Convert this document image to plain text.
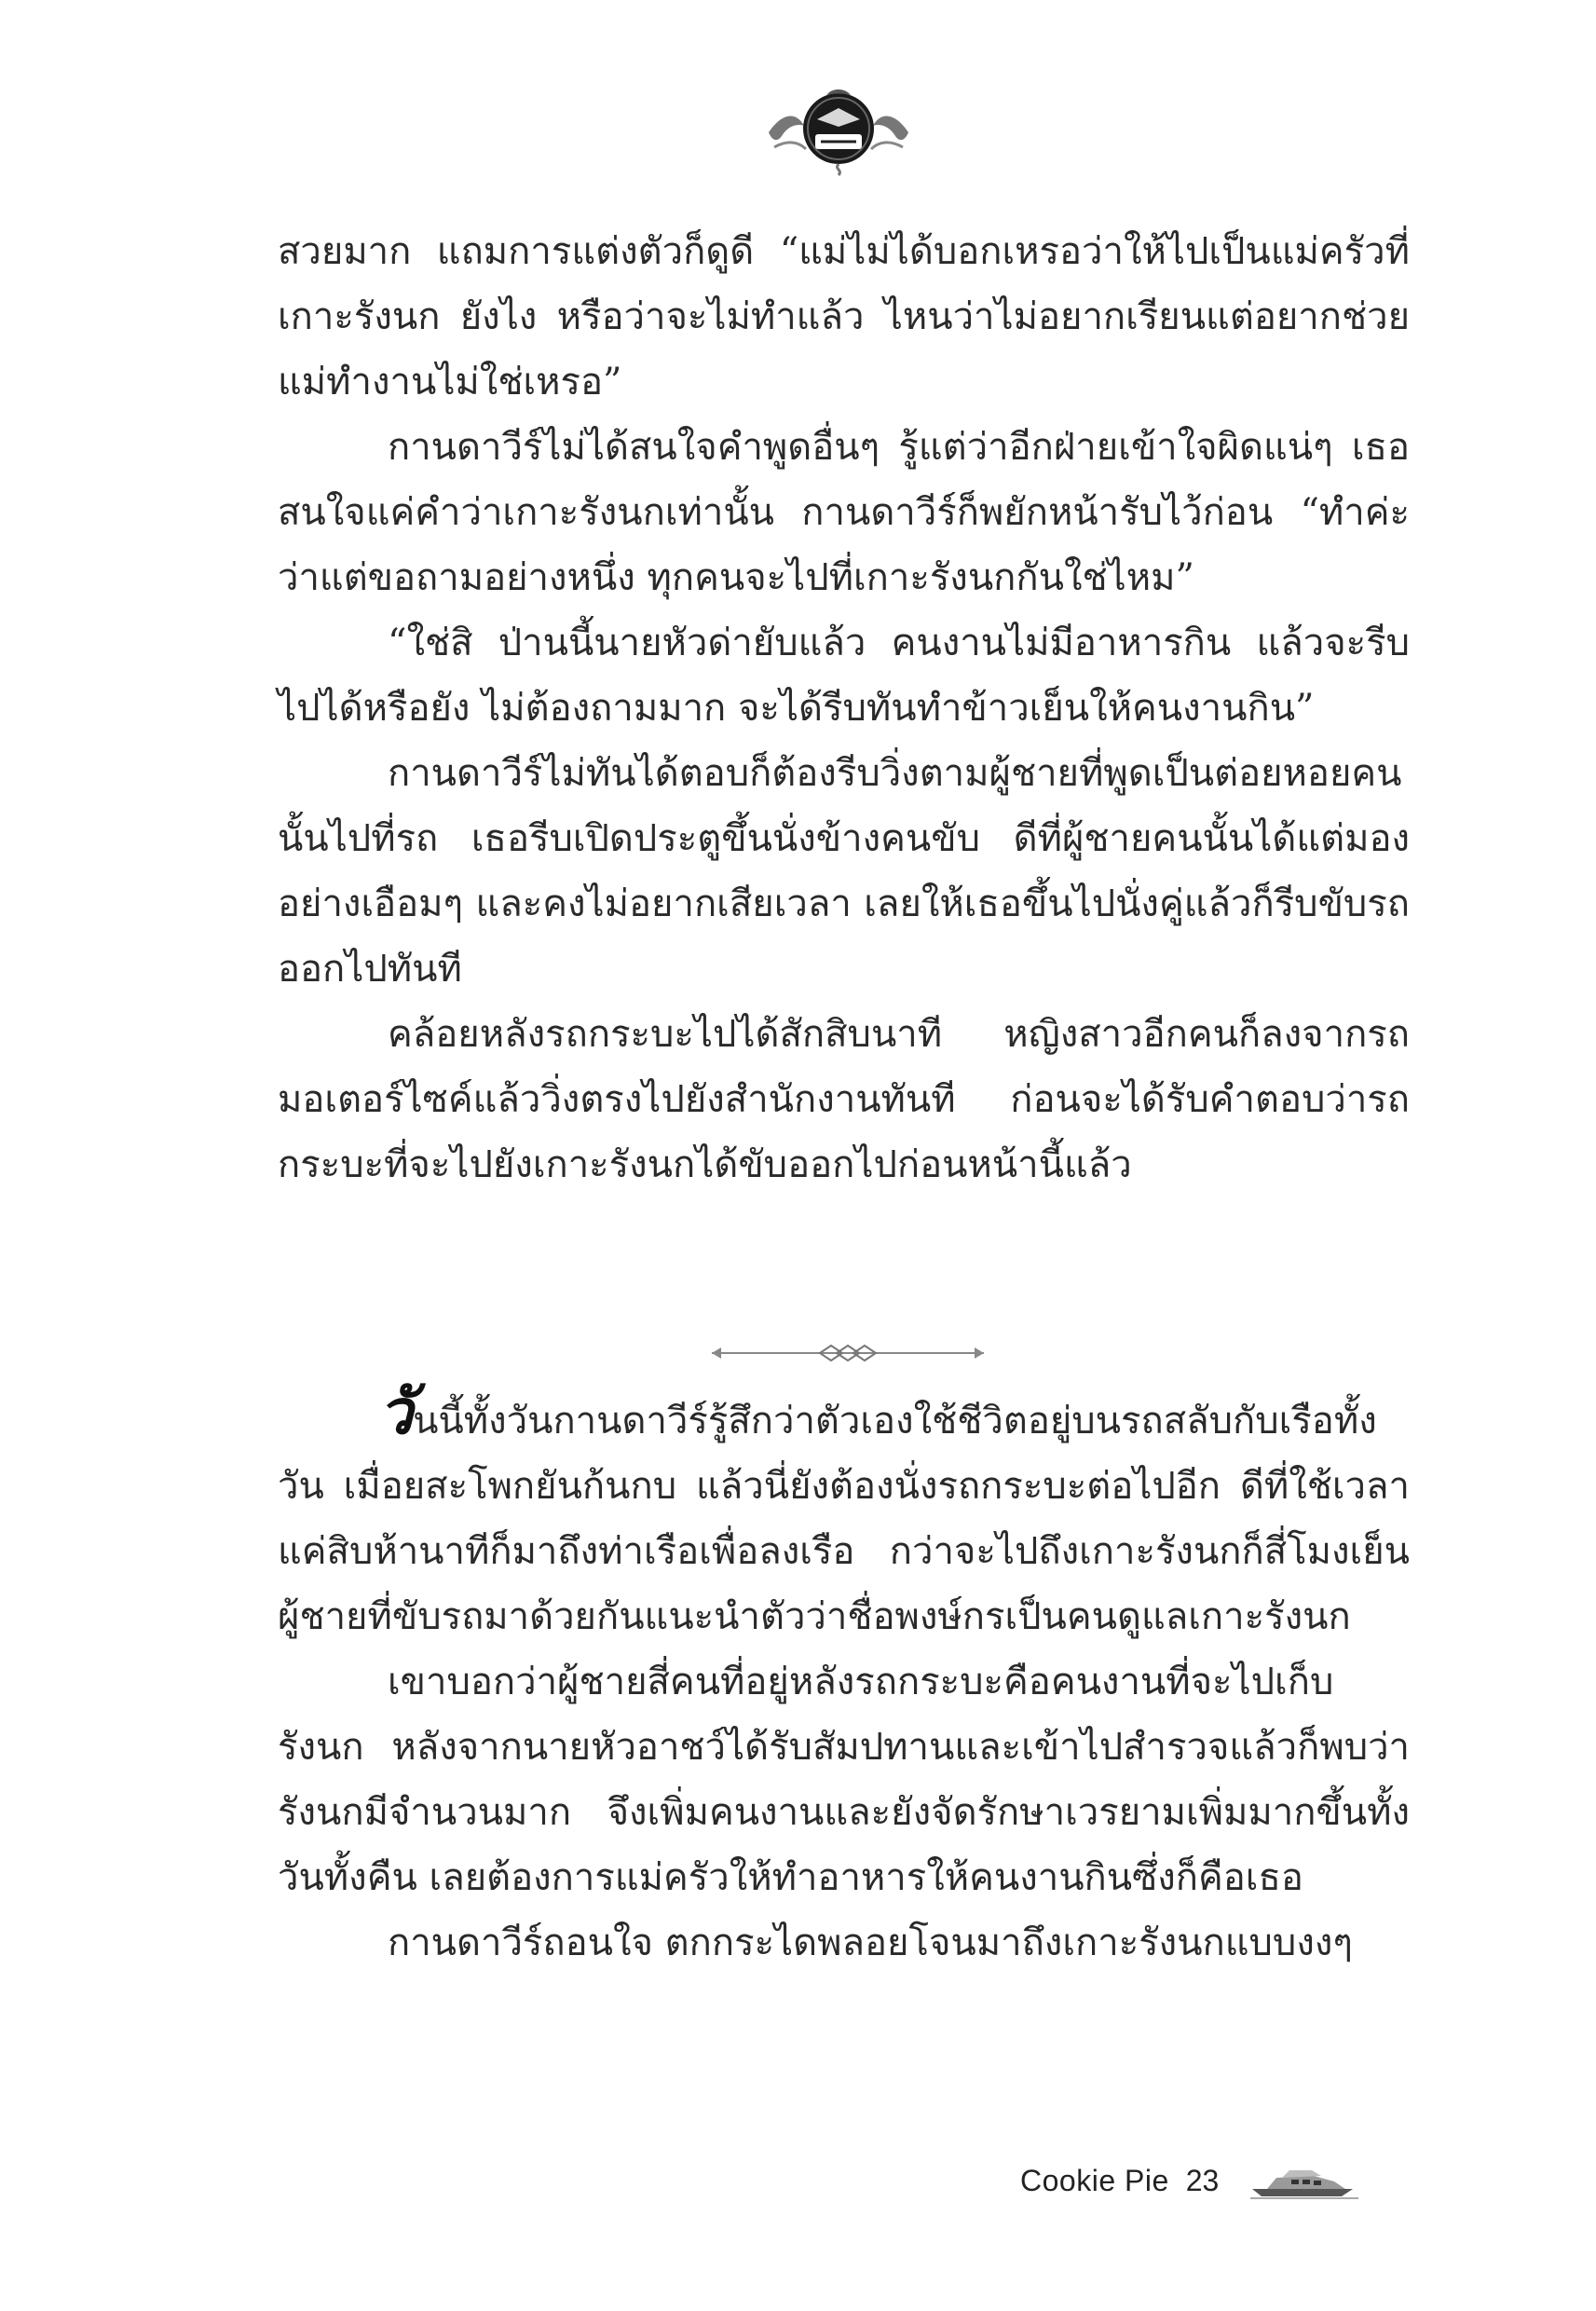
สวยมาก แถมการแต่งตัวก็ดูดี “แม่ไม่ได้บอกเหรอว่าให้ไปเป็นแม่ครัวที่เกาะรังนก ยังไง หรือว่าจะไม่ทำแล้ว ไหนว่าไม่อยากเรียนแต่อยากช่วยแม่ทำงานไม่ใช่เหรอ”

กานดาวีร์ไม่ได้สนใจคำพูดอื่นๆ รู้แต่ว่าอีกฝ่ายเข้าใจผิดแน่ๆ เธอสนใจแค่คำว่าเกาะรังนกเท่านั้น กานดาวีร์ก็พยักหน้ารับไว้ก่อน “ทำค่ะ ว่าแต่ขอถามอย่างหนึ่ง ทุกคนจะไปที่เกาะรังนกกันใช่ไหม”

“ใช่สิ ป่านนี้นายหัวด่ายับแล้ว คนงานไม่มีอาหารกิน แล้วจะรีบไปได้หรือยัง ไม่ต้องถามมาก จะได้รีบทันทำข้าวเย็นให้คนงานกิน”

กานดาวีร์ไม่ทันได้ตอบก็ต้องรีบวิ่งตามผู้ชายที่พูดเป็นต่อยหอยคนนั้นไปที่รถ เธอรีบเปิดประตูขึ้นนั่งข้างคนขับ ดีที่ผู้ชายคนนั้นได้แต่มองอย่างเอือมๆ และคงไม่อยากเสียเวลา เลยให้เธอขึ้นไปนั่งคู่แล้วก็รีบขับรถออกไปทันที

คล้อยหลังรถกระบะไปได้สักสิบนาที หญิงสาวอีกคนก็ลงจากรถมอเตอร์ไซค์แล้ววิ่งตรงไปยังสำนักงานทันที ก่อนจะได้รับคำตอบว่ารถกระบะที่จะไปยังเกาะรังนกได้ขับออกไปก่อนหน้านี้แล้ว

วันนี้ทั้งวันกานดาวีร์รู้สึกว่าตัวเองใช้ชีวิตอยู่บนรถสลับกับเรือทั้งวัน เมื่อยสะโพกยันก้นกบ แล้วนี่ยังต้องนั่งรถกระบะต่อไปอีก ดีที่ใช้เวลาแค่สิบห้านาทีก็มาถึงท่าเรือเพื่อลงเรือ กว่าจะไปถึงเกาะรังนกก็สี่โมงเย็น ผู้ชายที่ขับรถมาด้วยกันแนะนำตัวว่าชื่อพงษ์กรเป็นคนดูแลเกาะรังนก

เขาบอกว่าผู้ชายสี่คนที่อยู่หลังรถกระบะคือคนงานที่จะไปเก็บรังนก หลังจากนายหัวอาชว์ได้รับสัมปทานและเข้าไปสำรวจแล้วก็พบว่ารังนกมีจำนวนมาก จึงเพิ่มคนงานและยังจัดรักษาเวรยามเพิ่มมากขึ้นทั้งวันทั้งคืน เลยต้องการแม่ครัวให้ทำอาหารให้คนงานกินซึ่งก็คือเธอ

กานดาวีร์ถอนใจ ตกกระไดพลอยโจนมาถึงเกาะรังนกแบบงงๆ

Cookie Pie 23
